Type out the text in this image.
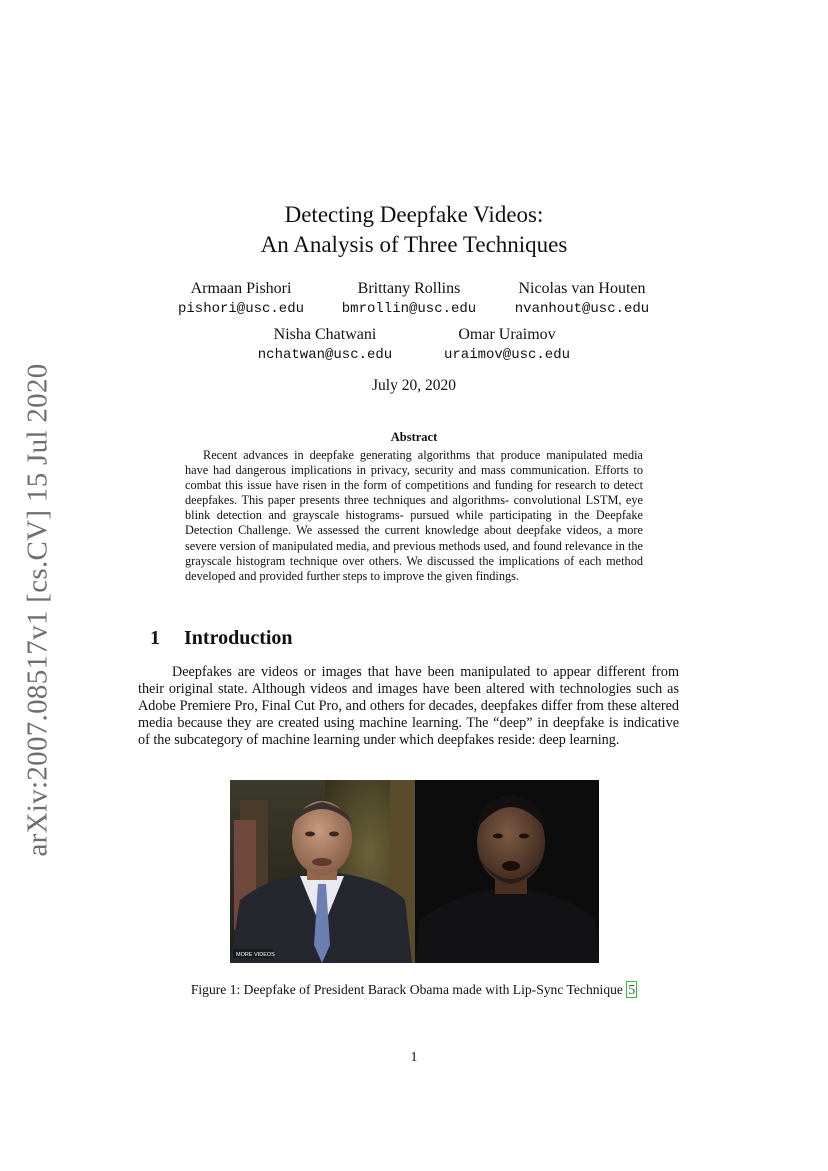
arXiv:2007.08517v1 [cs.CV] 15 Jul 2020
Detecting Deepfake Videos:
An Analysis of Three Techniques
Armaan Pishori
pishori@usc.edu
Brittany Rollins
bmrollin@usc.edu
Nicolas van Houten
nvanhout@usc.edu
Nisha Chatwani
nchatwan@usc.edu
Omar Uraimov
uraimov@usc.edu
July 20, 2020
Abstract
Recent advances in deepfake generating algorithms that produce manipulated media have had dangerous implications in privacy, security and mass communication. Efforts to combat this issue have risen in the form of competitions and funding for research to detect deepfakes. This paper presents three techniques and algorithms- convolutional LSTM, eye blink detection and grayscale histograms- pursued while participating in the Deepfake Detection Challenge. We assessed the current knowledge about deepfake videos, a more severe version of manipulated media, and previous methods used, and found relevance in the grayscale histogram technique over others. We discussed the implications of each method developed and provided further steps to improve the given findings.
1 Introduction
Deepfakes are videos or images that have been manipulated to appear different from their original state. Although videos and images have been altered with technologies such as Adobe Premiere Pro, Final Cut Pro, and others for decades, deepfakes differ from these altered media because they are created using machine learning. The “deep” in deepfake is indicative of the subcategory of machine learning under which deepfakes reside: deep learning.
MORE VIDEOS
Figure 1: Deepfake of President Barack Obama made with Lip-Sync Technique 5
1
